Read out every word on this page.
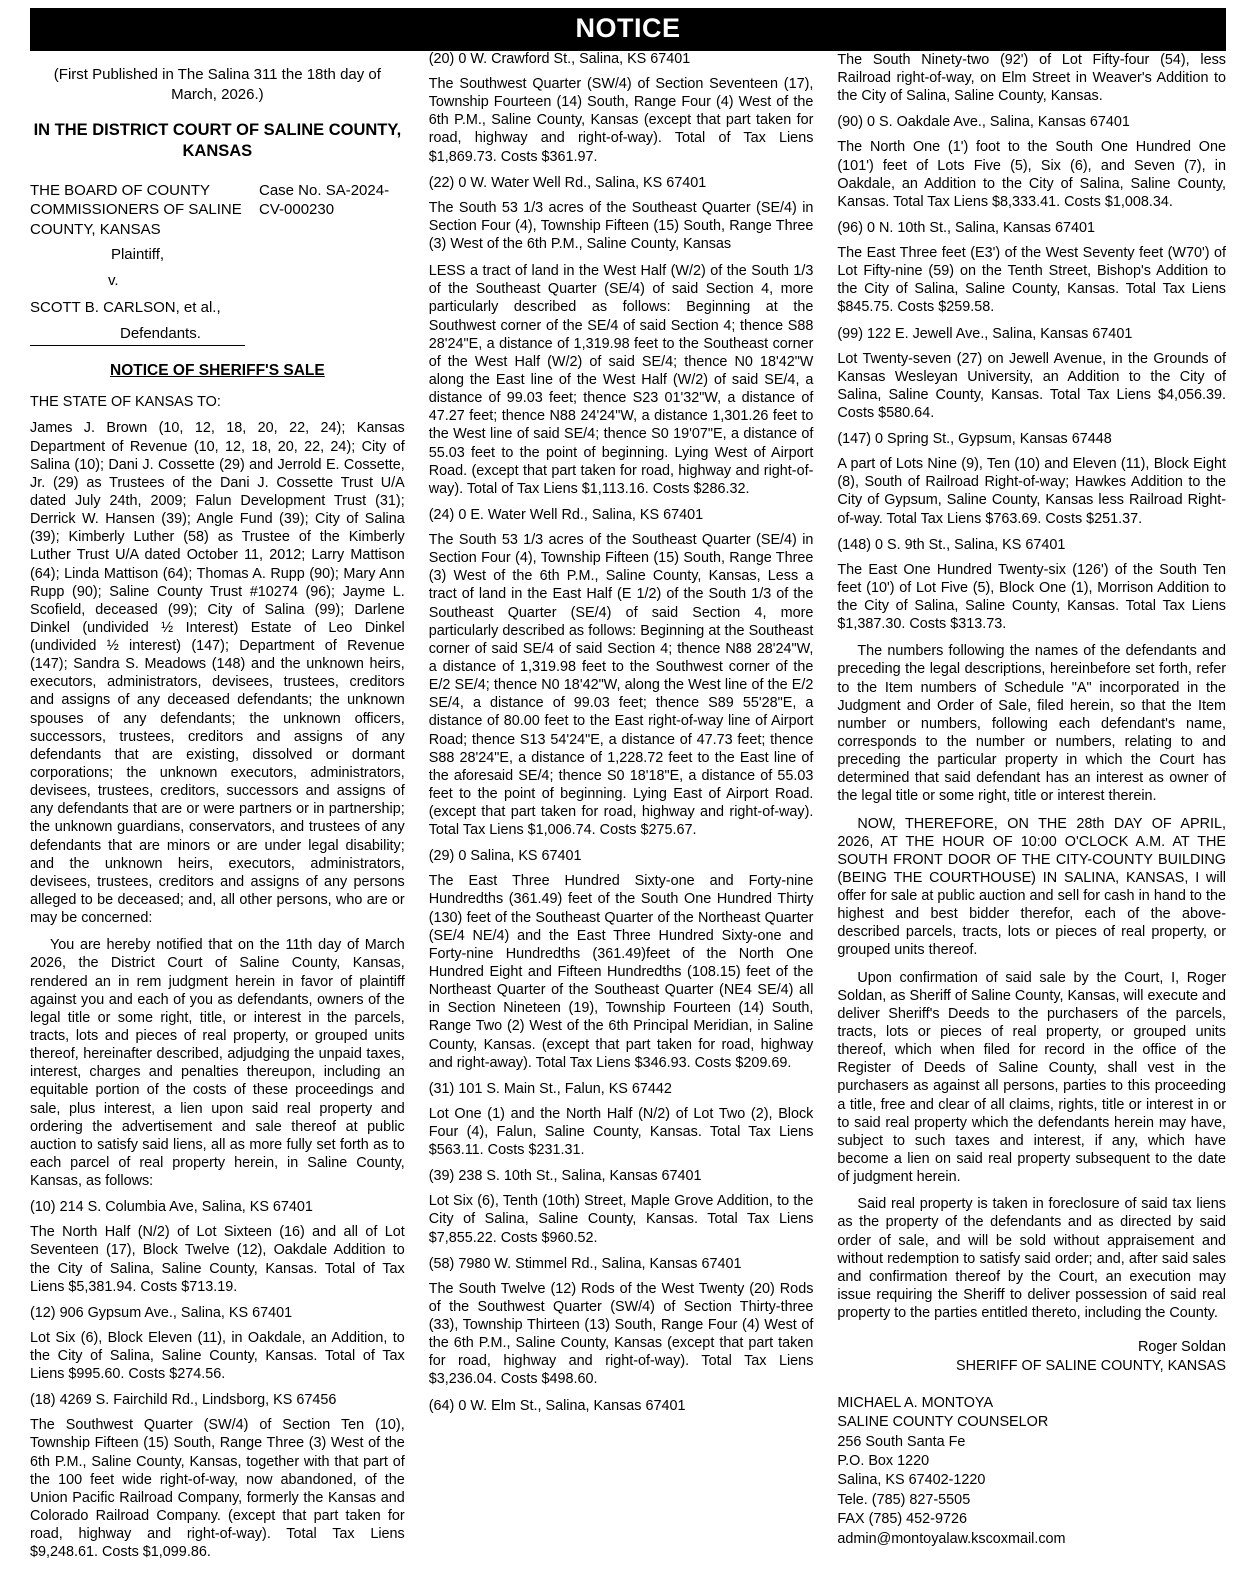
NOTICE
(First Published in The Salina 311 the 18th day of March, 2026.)
IN THE DISTRICT COURT OF SALINE COUNTY, KANSAS
THE BOARD OF COUNTY COMMISSIONERS OF SALINE COUNTY, KANSAS
Plaintiff,
v.
SCOTT B. CARLSON, et al.,
Defendants.
Case No. SA-2024-CV-000230
NOTICE OF SHERIFF'S SALE
THE STATE OF KANSAS TO:
James J. Brown (10, 12, 18, 20, 22, 24); Kansas Department of Revenue (10, 12, 18, 20, 22, 24); City of Salina (10); Dani J. Cossette (29) and Jerrold E. Cossette, Jr. (29) as Trustees of the Dani J. Cossette Trust U/A dated July 24th, 2009; Falun Development Trust (31); Derrick W. Hansen (39); Angle Fund (39); City of Salina (39); Kimberly Luther (58) as Trustee of the Kimberly Luther Trust U/A dated October 11, 2012; Larry Mattison (64); Linda Mattison (64); Thomas A. Rupp (90); Mary Ann Rupp (90); Saline County Trust #10274 (96); Jayme L. Scofield, deceased (99); City of Salina (99); Darlene Dinkel (undivided ½ Interest) Estate of Leo Dinkel (undivided ½ interest) (147); Department of Revenue (147); Sandra S. Meadows (148) and the unknown heirs, executors, administrators, devisees, trustees, creditors and assigns of any deceased defendants; the unknown spouses of any defendants; the unknown officers, successors, trustees, creditors and assigns of any defendants that are existing, dissolved or dormant corporations; the unknown executors, administrators, devisees, trustees, creditors, successors and assigns of any defendants that are or were partners or in partnership; the unknown guardians, conservators, and trustees of any defendants that are minors or are under legal disability; and the unknown heirs, executors, administrators, devisees, trustees, creditors and assigns of any persons alleged to be deceased; and, all other persons, who are or may be concerned:
You are hereby notified that on the 11th day of March 2026, the District Court of Saline County, Kansas, rendered an in rem judgment herein in favor of plaintiff against you and each of you as defendants, owners of the legal title or some right, title, or interest in the parcels, tracts, lots and pieces of real property, or grouped units thereof, hereinafter described, adjudging the unpaid taxes, interest, charges and penalties thereupon, including an equitable portion of the costs of these proceedings and sale, plus interest, a lien upon said real property and ordering the advertisement and sale thereof at public auction to satisfy said liens, all as more fully set forth as to each parcel of real property herein, in Saline County, Kansas, as follows:
(10) 214 S. Columbia Ave, Salina, KS 67401
The North Half (N/2) of Lot Sixteen (16) and all of Lot Seventeen (17), Block Twelve (12), Oakdale Addition to the City of Salina, Saline County, Kansas. Total of Tax Liens $5,381.94. Costs $713.19.
(12) 906 Gypsum Ave., Salina, KS 67401
Lot Six (6), Block Eleven (11), in Oakdale, an Addition, to the City of Salina, Saline County, Kansas. Total of Tax Liens $995.60. Costs $274.56.
(18) 4269 S. Fairchild Rd., Lindsborg, KS 67456
The Southwest Quarter (SW/4) of Section Ten (10), Township Fifteen (15) South, Range Three (3) West of the 6th P.M., Saline County, Kansas, together with that part of the 100 feet wide right-of-way, now abandoned, of the Union Pacific Railroad Company, formerly the Kansas and Colorado Railroad Company. (except that part taken for road, highway and right-of-way). Total Tax Liens $9,248.61. Costs $1,099.86.
(20) 0 W. Crawford St., Salina, KS 67401
The Southwest Quarter (SW/4) of Section Seventeen (17), Township Fourteen (14) South, Range Four (4) West of the 6th P.M., Saline County, Kansas (except that part taken for road, highway and right-of-way). Total of Tax Liens $1,869.73. Costs $361.97.
(22) 0 W. Water Well Rd., Salina, KS 67401
The South 53 1/3 acres of the Southeast Quarter (SE/4) in Section Four (4), Township Fifteen (15) South, Range Three (3) West of the 6th P.M., Saline County, Kansas
LESS a tract of land in the West Half (W/2) of the South 1/3 of the Southeast Quarter (SE/4) of said Section 4, more particularly described as follows: Beginning at the Southwest corner of the SE/4 of said Section 4; thence S88 28'24"E, a distance of 1,319.98 feet to the Southeast corner of the West Half (W/2) of said SE/4; thence N0 18'42"W along the East line of the West Half (W/2) of said SE/4, a distance of 99.03 feet; thence S23 01'32"W, a distance of 47.27 feet; thence N88 24'24"W, a distance 1,301.26 feet to the West line of said SE/4; thence S0 19'07"E, a distance of 55.03 feet to the point of beginning. Lying West of Airport Road. (except that part taken for road, highway and right-of-way). Total of Tax Liens $1,113.16. Costs $286.32.
(24) 0 E. Water Well Rd., Salina, KS 67401
The South 53 1/3 acres of the Southeast Quarter (SE/4) in Section Four (4), Township Fifteen (15) South, Range Three (3) West of the 6th P.M., Saline County, Kansas, Less a tract of land in the East Half (E 1/2) of the South 1/3 of the Southeast Quarter (SE/4) of said Section 4, more particularly described as follows: Beginning at the Southeast corner of said SE/4 of said Section 4; thence N88 28'24"W, a distance of 1,319.98 feet to the Southwest corner of the E/2 SE/4; thence N0 18'42"W, along the West line of the E/2 SE/4, a distance of 99.03 feet; thence S89 55'28"E, a distance of 80.00 feet to the East right-of-way line of Airport Road; thence S13 54'24"E, a distance of 47.73 feet; thence S88 28'24"E, a distance of 1,228.72 feet to the East line of the aforesaid SE/4; thence S0 18'18"E, a distance of 55.03 feet to the point of beginning. Lying East of Airport Road. (except that part taken for road, highway and right-of-way). Total Tax Liens $1,006.74. Costs $275.67.
(29) 0 Salina, KS 67401
The East Three Hundred Sixty-one and Forty-nine Hundredths (361.49) feet of the South One Hundred Thirty (130) feet of the Southeast Quarter of the Northeast Quarter (SE/4 NE/4) and the East Three Hundred Sixty-one and Forty-nine Hundredths (361.49)feet of the North One Hundred Eight and Fifteen Hundredths (108.15) feet of the Northeast Quarter of the Southeast Quarter (NE4 SE/4) all in Section Nineteen (19), Township Fourteen (14) South, Range Two (2) West of the 6th Principal Meridian, in Saline County, Kansas. (except that part taken for road, highway and right-away). Total Tax Liens $346.93. Costs $209.69.
(31) 101 S. Main St., Falun, KS 67442
Lot One (1) and the North Half (N/2) of Lot Two (2), Block Four (4), Falun, Saline County, Kansas. Total Tax Liens $563.11. Costs $231.31.
(39) 238 S. 10th St., Salina, Kansas 67401
Lot Six (6), Tenth (10th) Street, Maple Grove Addition, to the City of Salina, Saline County, Kansas. Total Tax Liens $7,855.22. Costs $960.52.
(58) 7980 W. Stimmel Rd., Salina, Kansas 67401
The South Twelve (12) Rods of the West Twenty (20) Rods of the Southwest Quarter (SW/4) of Section Thirty-three (33), Township Thirteen (13) South, Range Four (4) West of the 6th P.M., Saline County, Kansas (except that part taken for road, highway and right-of-way). Total Tax Liens $3,236.04. Costs $498.60.
(64) 0 W. Elm St., Salina, Kansas 67401
The South Ninety-two (92') of Lot Fifty-four (54), less Railroad right-of-way, on Elm Street in Weaver's Addition to the City of Salina, Saline County, Kansas.
(90) 0 S. Oakdale Ave., Salina, Kansas 67401
The North One (1') foot to the South One Hundred One (101') feet of Lots Five (5), Six (6), and Seven (7), in Oakdale, an Addition to the City of Salina, Saline County, Kansas. Total Tax Liens $8,333.41. Costs $1,008.34.
(96) 0 N. 10th St., Salina, Kansas 67401
The East Three feet (E3') of the West Seventy feet (W70') of Lot Fifty-nine (59) on the Tenth Street, Bishop's Addition to the City of Salina, Saline County, Kansas. Total Tax Liens $845.75. Costs $259.58.
(99) 122 E. Jewell Ave., Salina, Kansas 67401
Lot Twenty-seven (27) on Jewell Avenue, in the Grounds of Kansas Wesleyan University, an Addition to the City of Salina, Saline County, Kansas. Total Tax Liens $4,056.39. Costs $580.64.
(147) 0 Spring St., Gypsum, Kansas 67448
A part of Lots Nine (9), Ten (10) and Eleven (11), Block Eight (8), South of Railroad Right-of-way; Hawkes Addition to the City of Gypsum, Saline County, Kansas less Railroad Right-of-way. Total Tax Liens $763.69. Costs $251.37.
(148) 0 S. 9th St., Salina, KS 67401
The East One Hundred Twenty-six (126') of the South Ten feet (10') of Lot Five (5), Block One (1), Morrison Addition to the City of Salina, Saline County, Kansas. Total Tax Liens $1,387.30. Costs $313.73.
The numbers following the names of the defendants and preceding the legal descriptions, hereinbefore set forth, refer to the Item numbers of Schedule "A" incorporated in the Judgment and Order of Sale, filed herein, so that the Item number or numbers, following each defendant's name, corresponds to the number or numbers, relating to and preceding the particular property in which the Court has determined that said defendant has an interest as owner of the legal title or some right, title or interest therein.
NOW, THEREFORE, ON THE 28th DAY OF APRIL, 2026, AT THE HOUR OF 10:00 O'CLOCK A.M. AT THE SOUTH FRONT DOOR OF THE CITY-COUNTY BUILDING (BEING THE COURTHOUSE) IN SALINA, KANSAS, I will offer for sale at public auction and sell for cash in hand to the highest and best bidder therefor, each of the above-described parcels, tracts, lots or pieces of real property, or grouped units thereof.
Upon confirmation of said sale by the Court, I, Roger Soldan, as Sheriff of Saline County, Kansas, will execute and deliver Sheriff's Deeds to the purchasers of the parcels, tracts, lots or pieces of real property, or grouped units thereof, which when filed for record in the office of the Register of Deeds of Saline County, shall vest in the purchasers as against all persons, parties to this proceeding a title, free and clear of all claims, rights, title or interest in or to said real property which the defendants herein may have, subject to such taxes and interest, if any, which have become a lien on said real property subsequent to the date of judgment herein.
Said real property is taken in foreclosure of said tax liens as the property of the defendants and as directed by said order of sale, and will be sold without appraisement and without redemption to satisfy said order; and, after said sales and confirmation thereof by the Court, an execution may issue requiring the Sheriff to deliver possession of said real property to the parties entitled thereto, including the County.
Roger Soldan
SHERIFF OF SALINE COUNTY, KANSAS
MICHAEL A. MONTOYA
SALINE COUNTY COUNSELOR
256 South Santa Fe
P.O. Box 1220
Salina, KS 67402-1220
Tele. (785) 827-5505
FAX (785) 452-9726
admin@montoyalaw.kscoxmail.com
